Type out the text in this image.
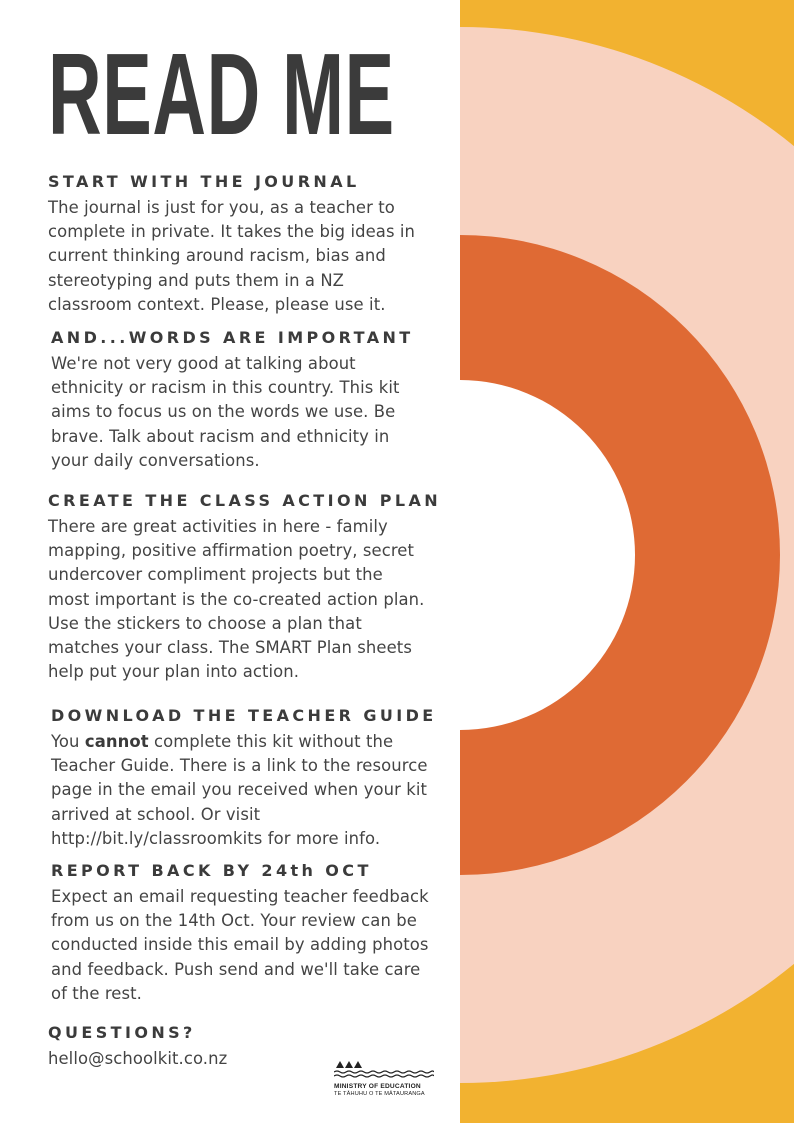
READ ME
START WITH THE JOURNAL

The journal is just for you, as a teacher to complete in private. It takes the big ideas in current thinking around racism, bias and stereotyping and puts them in a NZ classroom context. Please, please use it.

AND...WORDS ARE IMPORTANT

We're not very good at talking about ethnicity or racism in this country. This kit aims to focus us on the words we use. Be brave. Talk about racism and ethnicity in your daily conversations.

CREATE THE CLASS ACTION PLAN

There are great activities in here - family mapping, positive affirmation poetry, secret undercover compliment projects but the most important is the co-created action plan. Use the stickers to choose a plan that matches your class. The SMART Plan sheets help put your plan into action.

DOWNLOAD THE TEACHER GUIDE

You cannot complete this kit without the Teacher Guide. There is a link to the resource page in the email you received when your kit arrived at school. Or visit http://bit.ly/classroomkits for more info.

REPORT BACK BY 24th OCT

Expect an email requesting teacher feedback from us on the 14th Oct. Your review can be conducted inside this email by adding photos and feedback. Push send and we'll take care of the rest.

QUESTIONS?

hello@schoolkit.co.nz

MINISTRY OF EDUCATION
TE TĀHUHU O TE MĀTAURANGA
